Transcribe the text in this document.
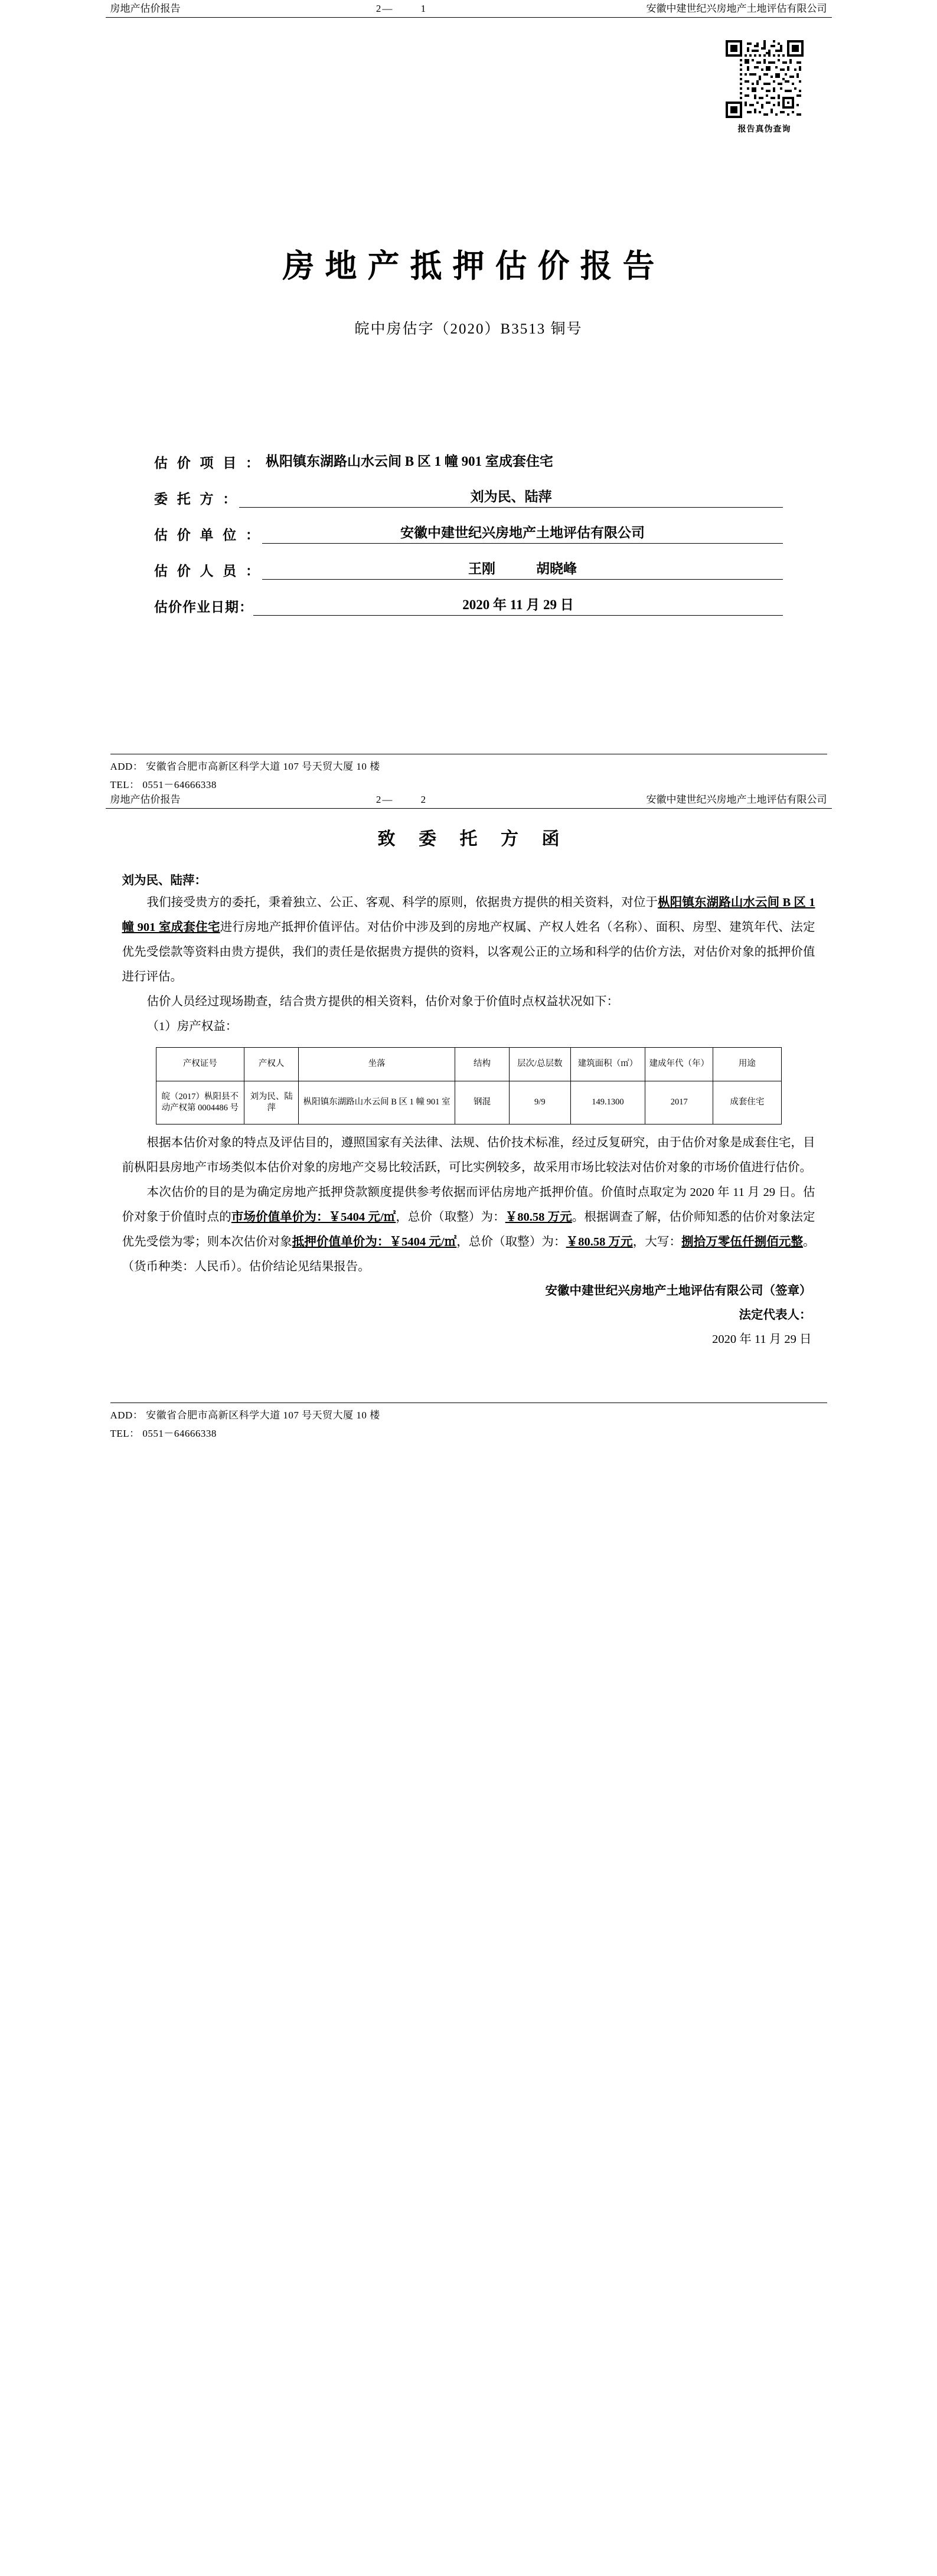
房地产估价报告	2—	1	安徽中建世纪兴房地产土地评估有限公司
报告真伪查询
房地产抵押估价报告
皖中房估字（2020）B3513 铜号
估 价 项 目 ： 枞阳镇东湖路山水云间 B 区 1 幢 901 室成套住宅
委 托 方 ：	刘为民、陆萍
估 价 单 位 ：	安徽中建世纪兴房地产土地评估有限公司
估 价 人 员 ：	王刚　　　胡晓峰
估价作业日期：	2020 年 11 月 29 日
ADD： 安徽省合肥市高新区科学大道 107 号天贸大厦 10 楼
TEL： 0551－64666338
房地产估价报告	2—	2	安徽中建世纪兴房地产土地评估有限公司
致 委 托 方 函
刘为民、陆萍：
我们接受贵方的委托，秉着独立、公正、客观、科学的原则，依据贵方提供的相关资料，对位于枞阳镇东湖路山水云间 B 区 1 幢 901 室成套住宅进行房地产抵押价值评估。对估价中涉及到的房地产权属、产权人姓名（名称）、面积、房型、建筑年代、法定优先受偿款等资料由贵方提供，我们的责任是依据贵方提供的资料，以客观公正的立场和科学的估价方法，对估价对象的抵押价值进行评估。
估价人员经过现场勘查，结合贵方提供的相关资料，估价对象于价值时点权益状况如下：
（1）房产权益：
产权证号	产权人	坐落	结构	层次/总层数	建筑面积（㎡）	建成年代（年）	用途
皖（2017）枞阳县不动产权第 0004486 号	刘为民、陆萍	枞阳镇东湖路山水云间 B 区 1 幢 901 室	钢混	9/9	149.1300	2017	成套住宅
根据本估价对象的特点及评估目的，遵照国家有关法律、法规、估价技术标准，经过反复研究，由于估价对象是成套住宅，目前枞阳县房地产市场类似本估价对象的房地产交易比较活跃，可比实例较多，故采用市场比较法对估价对象的市场价值进行估价。
本次估价的目的是为确定房地产抵押贷款额度提供参考依据而评估房地产抵押价值。价值时点取定为 2020 年 11 月 29 日。估价对象于价值时点的市场价值单价为：￥5404 元/㎡，总价（取整）为：￥80.58 万元。根据调查了解，估价师知悉的估价对象法定优先受偿为零；则本次估价对象抵押价值单价为：￥5404 元/㎡，总价（取整）为：￥80.58 万元，大写：捌拾万零伍仟捌佰元整。（货币种类：人民币）。估价结论见结果报告。
安徽中建世纪兴房地产土地评估有限公司（签章）
法定代表人：
2020 年 11 月 29 日
ADD： 安徽省合肥市高新区科学大道 107 号天贸大厦 10 楼
TEL： 0551－64666338
